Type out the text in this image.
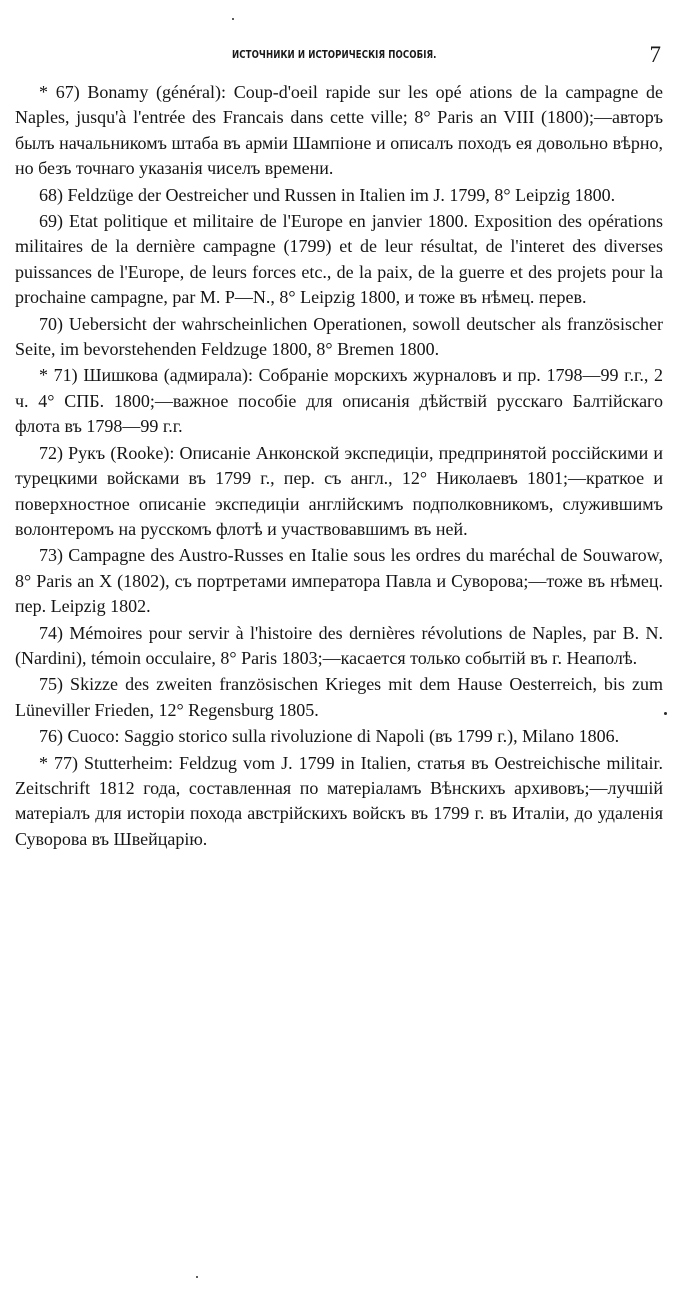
ИСТОЧНИКИ И ИСТОРИЧЕСКІЯ ПОСОБІЯ.	7

* 67) Bonamy (général): Coup-d'oeil rapide sur les opé ations de la campagne de Naples, jusqu'à l'entrée des Francais dans cette ville; 8° Paris an VIII (1800);—авторъ былъ начальникомъ штаба въ арміи Шампіоне и описалъ походъ ея довольно вѣрно, но безъ точнаго указанія чиселъ времени.

68) Feldzüge der Oestreicher und Russen in Italien im J. 1799, 8° Leipzig 1800.

69) Etat politique et militaire de l'Europe en janvier 1800. Exposition des opérations militaires de la dernière campagne (1799) et de leur résultat, de l'interet des diverses puissances de l'Europe, de leurs forces etc., de la paix, de la guerre et des projets pour la prochaine campagne, par M. P—N., 8° Leipzig 1800, и тоже въ нѣмец. перев.

70) Uebersicht der wahrscheinlichen Operationen, sowoll deutscher als französischer Seite, im bevorstehenden Feldzuge 1800, 8° Bremen 1800.

* 71) Шишкова (адмирала): Собраніе морскихъ журналовъ и пр. 1798—99 г.г., 2 ч. 4° СПБ. 1800;—важное пособіе для описанія дѣйствій русскаго Балтійскаго флота въ 1798—99 г.г.

72) Рукъ (Rooke): Описаніе Анконской экспедиціи, предпринятой россійскими и турецкими войсками въ 1799 г., пер. съ англ., 12° Николаевъ 1801;—краткое и поверхностное описаніе экспедиціи англійскимъ подполковникомъ, служившимъ волонтеромъ на русскомъ флотѣ и участвовавшимъ въ ней.

73) Campagne des Austro-Russes en Italie sous les ordres du maréchal de Souwarow, 8° Paris an X (1802), съ портретами императора Павла и Суворова;—тоже въ нѣмец. пер. Leipzig 1802.

74) Mémoires pour servir à l'histoire des dernières révolutions de Naples, par B. N. (Nardini), témoin occulaire, 8° Paris 1803;—касается только событій въ г. Неаполѣ.

75) Skizze des zweiten französischen Krieges mit dem Hause Oesterreich, bis zum Lüneviller Frieden, 12° Regensburg 1805.

76) Cuoco: Saggio storico sulla rivoluzione di Napoli (въ 1799 г.), Milano 1806.

* 77) Stutterheim: Feldzug vom J. 1799 in Italien, статья въ Oestreichische militair. Zeitschrift 1812 года, составленная по матеріаламъ Вѣнскихъ архивовъ;—лучшій матеріалъ для исторіи похода австрійскихъ войскъ въ 1799 г. въ Италіи, до удаленія Суворова въ Швейцарію.
